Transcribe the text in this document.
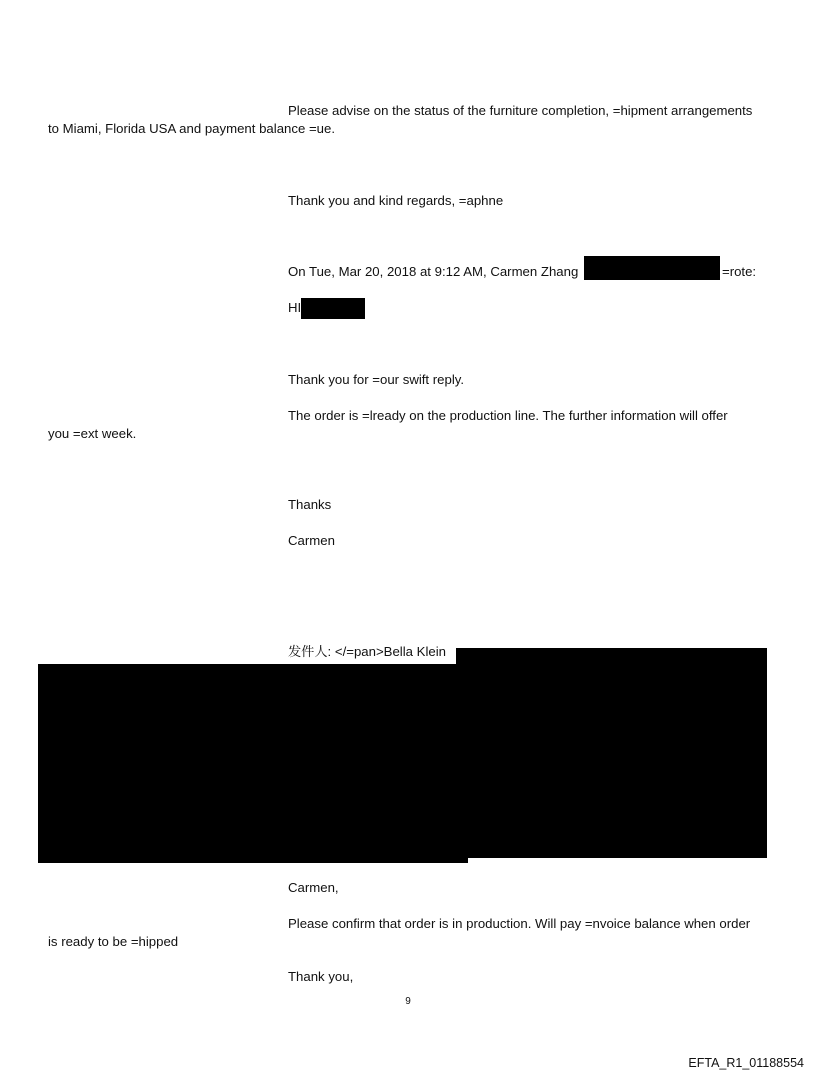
Please advise on the status of the furniture completion, =hipment arrangements
to Miami, Florida USA and payment balance =ue.
Thank you and kind regards, =aphne
On Tue, Mar 20, 2018 at 9:12 AM, Carmen Zhang	=rote:
HI
Thank you for =our swift reply.
The order is =lready on the production line. The further information will offer
you =ext week.
Thanks
Carmen
发件人: </=pan>Bella Klein
Carmen,
Please confirm that order is in production. Will pay =nvoice balance when order
is ready to be =hipped
Thank you,
9
EFTA_R1_01188554
